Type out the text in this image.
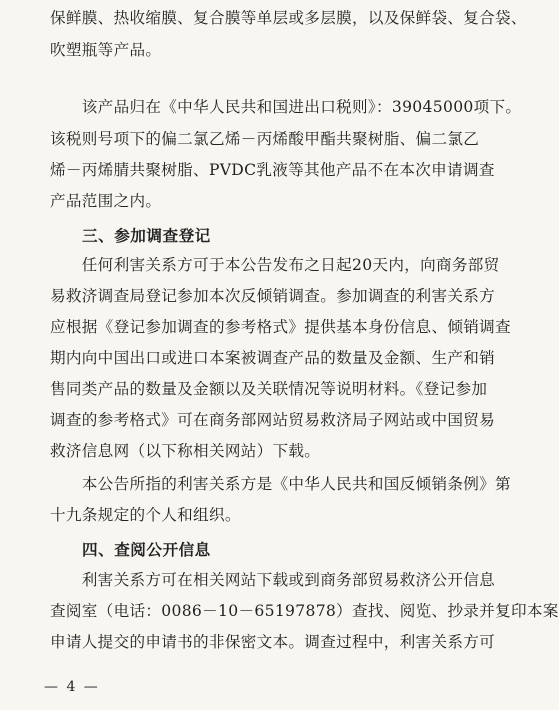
保鲜膜、热收缩膜、复合膜等单层或多层膜，以及保鲜袋、复合袋、
吹塑瓶等产品。
　　该产品归在《中华人民共和国进出口税则》：39045000项下。
该税则号项下的偏二氯乙烯－丙烯酸甲酯共聚树脂、偏二氯乙
烯－丙烯腈共聚树脂、PVDC乳液等其他产品不在本次申请调查
产品范围之内。
三、参加调查登记
　　任何利害关系方可于本公告发布之日起20天内，向商务部贸
易救济调查局登记参加本次反倾销调查。参加调查的利害关系方
应根据《登记参加调查的参考格式》提供基本身份信息、倾销调查
期内向中国出口或进口本案被调查产品的数量及金额、生产和销
售同类产品的数量及金额以及关联情况等说明材料。《登记参加
调查的参考格式》可在商务部网站贸易救济局子网站或中国贸易
救济信息网（以下称相关网站）下载。
　　本公告所指的利害关系方是《中华人民共和国反倾销条例》第
十九条规定的个人和组织。
四、查阅公开信息
　　利害关系方可在相关网站下载或到商务部贸易救济公开信息
查阅室（电话：0086－10－65197878）查找、阅览、抄录并复印本案
申请人提交的申请书的非保密文本。调查过程中，利害关系方可
— 4 —
